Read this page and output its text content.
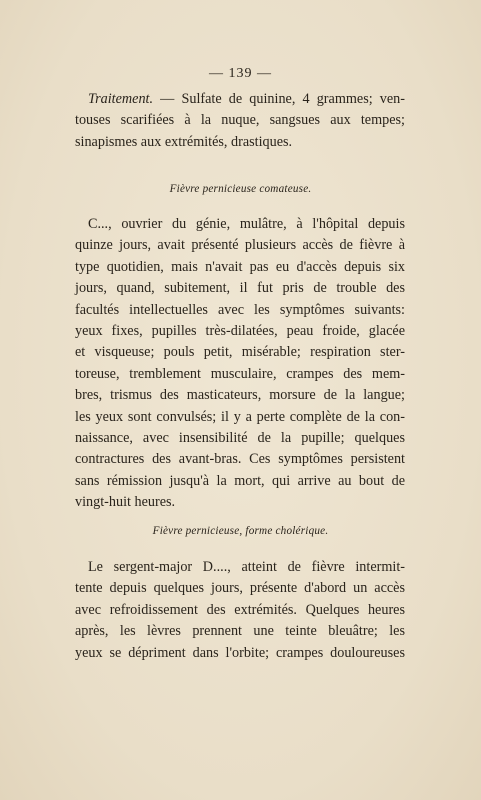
— 139 —
Traitement. — Sulfate de quinine, 4 grammes; ven-
touses scarifiées à la nuque, sangsues aux tempes;
sinapismes aux extrémités, drastiques.
Fièvre pernicieuse comateuse.
C..., ouvrier du génie, mulâtre, à l'hôpital depuis
quinze jours, avait présenté plusieurs accès de fièvre à
type quotidien, mais n'avait pas eu d'accès depuis six
jours, quand, subitement, il fut pris de trouble des
facultés intellectuelles avec les symptômes suivants:
yeux fixes, pupilles très-dilatées, peau froide, glacée
et visqueuse; pouls petit, misérable; respiration ster-
toreuse, tremblement musculaire, crampes des mem-
bres, trismus des masticateurs, morsure de la langue;
les yeux sont convulsés; il y a perte complète de la con-
naissance, avec insensibilité de la pupille; quelques
contractures des avant-bras. Ces symptômes persistent
sans rémission jusqu'à la mort, qui arrive au bout de
vingt-huit heures.
Fièvre pernicieuse, forme cholérique.
Le sergent-major D...., atteint de fièvre intermit-
tente depuis quelques jours, présente d'abord un accès
avec refroidissement des extrémités. Quelques heures
après, les lèvres prennent une teinte bleuâtre; les
yeux se dépriment dans l'orbite; crampes douloureuses
